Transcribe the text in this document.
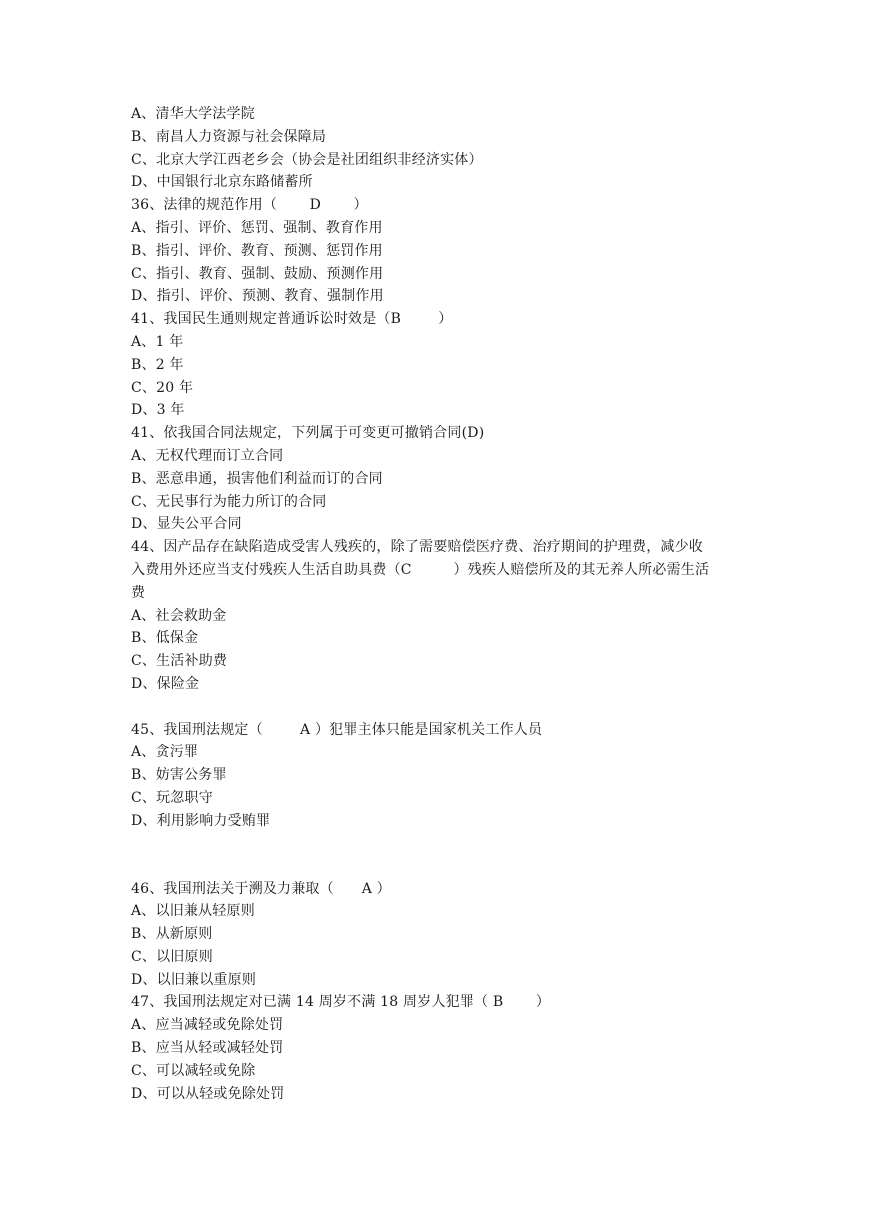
A、清华大学法学院
B、南昌人力资源与社会保障局
C、北京大学江西老乡会（协会是社团组织非经济实体）
D、中国银行北京东路储蓄所
36、法律的规范作用（       D       ）
A、指引、评价、惩罚、强制、教育作用
B、指引、评价、教育、预测、惩罚作用
C、指引、教育、强制、鼓励、预测作用
D、指引、评价、预测、教育、强制作用
41、我国民生通则规定普通诉讼时效是（B        ）
A、1 年
B、2 年
C、20 年
D、3 年
41、依我国合同法规定，下列属于可变更可撤销合同(D)
A、无权代理而订立合同
B、恶意串通，损害他们利益而订的合同
C、无民事行为能力所订的合同
D、显失公平合同
44、因产品存在缺陷造成受害人残疾的，除了需要赔偿医疗费、治疗期间的护理费，减少收
入费用外还应当支付残疾人生活自助具费（C         ）残疾人赔偿所及的其无养人所必需生活
费
A、社会救助金
B、低保金
C、生活补助费
D、保险金
45、我国刑法规定（        A ）犯罪主体只能是国家机关工作人员
A、贪污罪
B、妨害公务罪
C、玩忽职守
D、利用影响力受贿罪
46、我国刑法关于溯及力兼取（      A ）
A、以旧兼从轻原则
B、从新原则
C、以旧原则
D、以旧兼以重原则
47、我国刑法规定对已满 14 周岁不满 18 周岁人犯罪（ B       ）
A、应当减轻或免除处罚
B、应当从轻或减轻处罚
C、可以减轻或免除
D、可以从轻或免除处罚
